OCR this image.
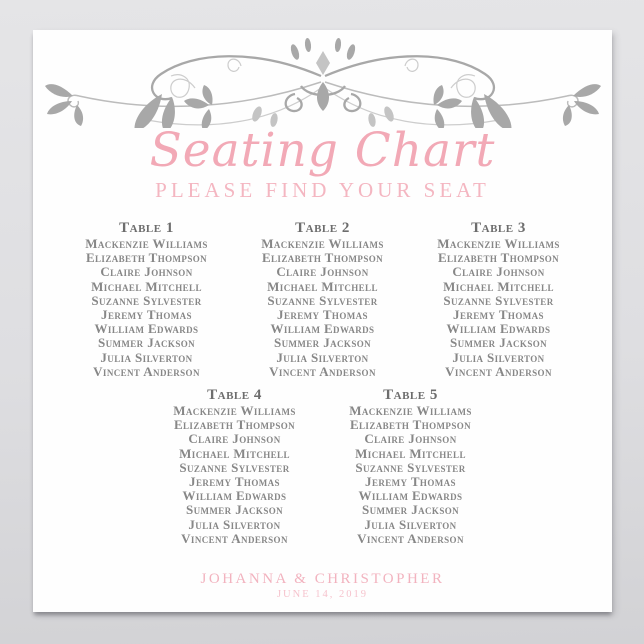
Seating Chart
PLEASE FIND YOUR SEAT
Table 1
Mackenzie Williams
Elizabeth Thompson
Claire Johnson
Michael Mitchell
Suzanne Sylvester
Jeremy Thomas
William Edwards
Summer Jackson
Julia Silverton
Vincent Anderson
Table 2
Mackenzie Williams
Elizabeth Thompson
Claire Johnson
Michael Mitchell
Suzanne Sylvester
Jeremy Thomas
William Edwards
Summer Jackson
Julia Silverton
Vincent Anderson
Table 3
Mackenzie Williams
Elizabeth Thompson
Claire Johnson
Michael Mitchell
Suzanne Sylvester
Jeremy Thomas
William Edwards
Summer Jackson
Julia Silverton
Vincent Anderson
Table 4
Mackenzie Williams
Elizabeth Thompson
Claire Johnson
Michael Mitchell
Suzanne Sylvester
Jeremy Thomas
William Edwards
Summer Jackson
Julia Silverton
Vincent Anderson
Table 5
Mackenzie Williams
Elizabeth Thompson
Claire Johnson
Michael Mitchell
Suzanne Sylvester
Jeremy Thomas
William Edwards
Summer Jackson
Julia Silverton
Vincent Anderson
JOHANNA & CHRISTOPHER
JUNE 14, 2019
